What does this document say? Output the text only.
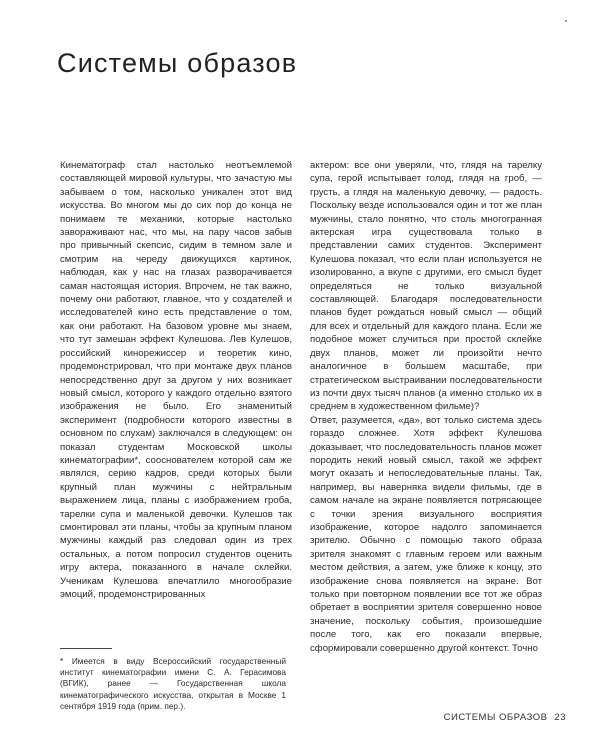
Системы образов

Кинематограф стал настолько неотъемлемой составляющей мировой культуры, что зачастую мы забываем о том, насколько уникален этот вид искусства. Во многом мы до сих пор до конца не понимаем те механики, которые настолько завораживают нас, что мы, на пару часов забыв про привычный скепсис, сидим в темном зале и смотрим на череду движущихся картинок, наблюдая, как у нас на глазах разворачивается самая настоящая история. Впрочем, не так важно, почему они работают, главное, что у создателей и исследователей кино есть представление о том, как они работают. На базовом уровне мы знаем, что тут замешан эффект Кулешова. Лев Кулешов, российский кинорежиссер и теоретик кино, продемонстрировал, что при монтаже двух планов непосредственно друг за другом у них возникает новый смысл, которого у каждого отдельно взятого изображения не было. Его знаменитый эксперимент (подробности которого известны в основном по слухам) заключался в следующем: он показал студентам Московской школы кинематографии*, сооснователем которой сам же являлся, серию кадров, среди которых были крупный план мужчины с нейтральным выражением лица, планы с изображением гроба, тарелки супа и маленькой девочки. Кулешов так смонтировал эти планы, чтобы за крупным планом мужчины каждый раз следовал один из трех остальных, а потом попросил студентов оценить игру актера, показанного в начале склейки. Ученикам Кулешова впечатлило многообразие эмоций, продемонстрированных

актером: все они уверяли, что, глядя на тарелку супа, герой испытывает голод, глядя на гроб, — грусть, а глядя на маленькую девочку, — радость. Поскольку везде использовался один и тот же план мужчины, стало понятно, что столь многогранная актерская игра существовала только в представлении самих студентов. Эксперимент Кулешова показал, что если план используется не изолированно, а вкупе с другими, его смысл будет определяться не только визуальной составляющей. Благодаря последовательности планов будет рождаться новый смысл — общий для всех и отдельный для каждого плана. Если же подобное может случиться при простой склейке двух планов, может ли произойти нечто аналогичное в большем масштабе, при стратегическом выстраивании последовательности из почти двух тысяч планов (а именно столько их в среднем в художественном фильме)?

Ответ, разумеется, «да», вот только система здесь гораздо сложнее. Хотя эффект Кулешова доказывает, что последовательность планов может породить некий новый смысл, такой же эффект могут оказать и непоследовательные планы. Так, например, вы наверняка видели фильмы, где в самом начале на экране появляется потрясающее с точки зрения визуального восприятия изображение, которое надолго запоминается зрителю. Обычно с помощью такого образа зрителя знакомят с главным героем или важным местом действия, а затем, уже ближе к концу, это изображение снова появляется на экране. Вот только при повторном появлении все тот же образ обретает в восприятии зрителя совершенно новое значение, поскольку события, произошедшие после того, как его показали впервые, сформировали совершенно другой контекст. Точно

* Имеется в виду Всероссийский государственный институт кинематографии имени С. А. Герасимова (ВГИК), ранее — Государственная школа кинематографического искусства, открытая в Москве 1 сентября 1919 года (прим. пер.).
СИСТЕМЫ ОБРАЗОВ 23
